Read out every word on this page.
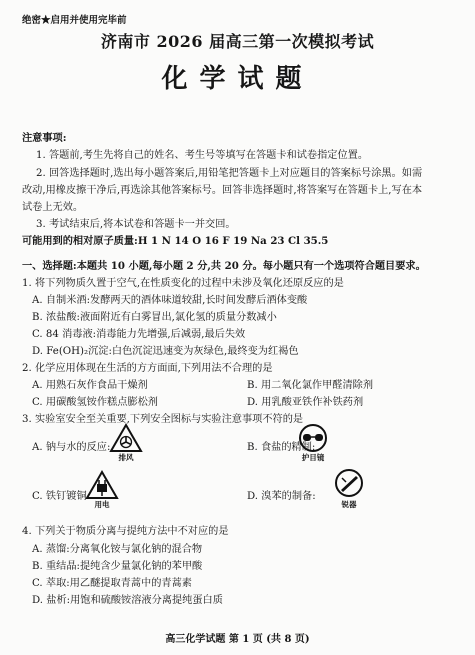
绝密★启用并使用完毕前
济南市 2026 届高三第一次模拟考试
化学试题
注意事项:
1. 答题前,考生先将自己的姓名、考生号等填写在答题卡和试卷指定位置。
2. 回答选择题时,选出每小题答案后,用铅笔把答题卡上对应题目的答案标号涂黑。如需
改动,用橡皮擦干净后,再选涂其他答案标号。回答非选择题时,将答案写在答题卡上,写在本
试卷上无效。
3. 考试结束后,将本试卷和答题卡一并交回。
可能用到的相对原子质量:H 1 N 14 O 16 F 19 Na 23 Cl 35.5
一、选择题:本题共 10 小题,每小题 2 分,共 20 分。每小题只有一个选项符合题目要求。
1. 将下列物质久置于空气,在性质变化的过程中未涉及氧化还原反应的是
A. 自制米酒:发酵两天的酒体味道较甜,长时间发酵后酒体变酸
B. 浓盐酸:液面附近有白雾冒出,氯化氢的质量分数减小
C. 84 消毒液:消毒能力先增强,后减弱,最后失效
D. Fe(OH)₂沉淀:白色沉淀迅速变为灰绿色,最终变为红褐色
2. 化学应用体现在生活的方方面面,下列用法不合理的是
A. 用熟石灰作食品干燥剂	B. 用二氧化氯作甲醛清除剂
C. 用碳酸氢铵作糕点膨松剂	D. 用乳酸亚铁作补铁药剂
3. 实验室安全至关重要,下列安全图标与实验注意事项不符的是
A. 钠与水的反应:
排风
B. 食盐的精制:
护目镜
C. 铁钉镀铜:
用电
D. 溴苯的制备:
锐器
4. 下列关于物质分离与提纯方法中不对应的是
A. 蒸馏:分离氧化铵与氯化钠的混合物
B. 重结晶:提纯含少量氯化钠的苯甲酸
C. 萃取:用乙醚提取青蒿中的青蒿素
D. 盐析:用饱和硫酸铵溶液分离提纯蛋白质
高三化学试题 第 1 页 (共 8 页)
